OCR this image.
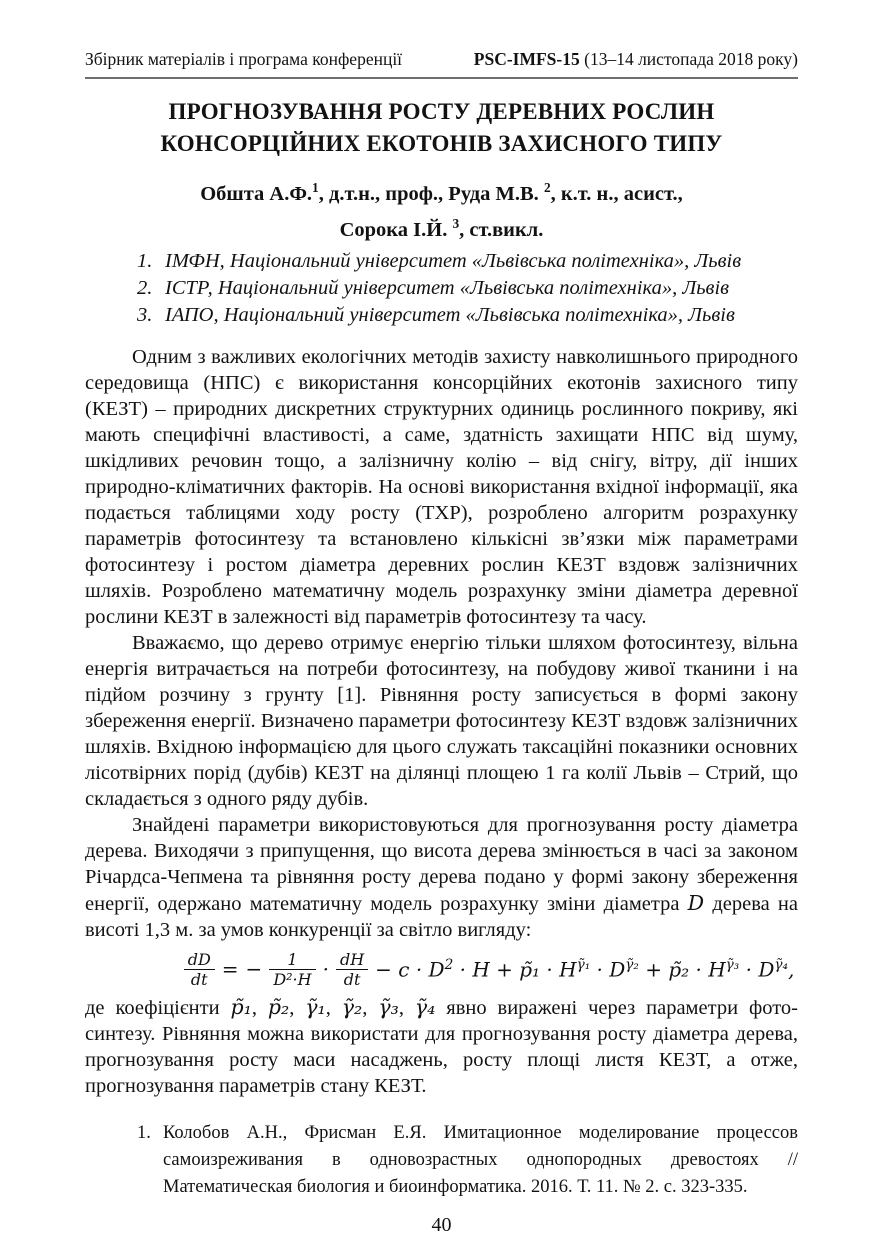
Збірник матеріалів і програма конференції	PSC-IMFS-15 (13–14 листопада 2018 року)
ПРОГНОЗУВАННЯ РОСТУ ДЕРЕВНИХ РОСЛИН
КОНСОРЦІЙНИХ ЕКОТОНІВ ЗАХИСНОГО ТИПУ
Обшта А.Ф.$^1$, д.т.н., проф., Руда М.В. $^2$, к.т. н., асист.,
Сорока І.Й. $^3$, ст.викл.
1. ІМФН, Національний університет «Львівська політехніка», Львів
2. ІСТР, Національний університет «Львівська політехніка», Львів
3. ІАПО, Національний університет «Львівська політехніка», Львів

Одним з важливих екологічних методів захисту навколишнього природного середовища (НПС) є використання консорційних екотонів захисного типу (КЕЗТ) – природних дискретних структурних одиниць рослинного покриву, які мають специфічні властивості, а саме, здатність захищати НПС від шуму, шкідливих речовин тощо, а залізничну колію – від снігу, вітру, дії інших природно-кліматичних факторів. На основі використання вхідної інформації, яка подається таблицями ходу росту (ТХР), розроблено алгоритм розрахунку параметрів фотосинтезу та встановлено кількісні зв’язки між параметрами фотосинтезу і ростом діаметра деревних рослин КЕЗТ вздовж залізничних шляхів. Розроблено математичну модель розрахунку зміни діаметра деревної рослини КЕЗТ в залежності від параметрів фотосинтезу та часу.

Вважаємо, що дерево отримує енергію тільки шляхом фотосинтезу, вільна енергія витрачається на потреби фотосинтезу, на побудову живої тканини і на підйом розчину з грунту [1]. Рівняння росту записується в формі закону збереження енергії. Визначено параметри фотосинтезу КЕЗТ вздовж залізничних шляхів. Вхідною інформацією для цього служать таксаційні показники основних лісотвірних порід (дубів) КЕЗТ на ділянці площею 1 га колії Львів – Стрий, що складається з одного ряду дубів.

Знайдені параметри використовуються для прогнозування росту діаметра дерева. Виходячи з припущення, що висота дерева змінюється в часі за законом Річардса-Чепмена та рівняння росту дерева подано у формі закону збереження енергії, одержано математичну модель розрахунку зміни діаметра D дерева на висоті 1,3 м. за умов конкуренції за світло вигляду:

$\frac{dD}{dt}$ = − $\frac{1}{\text{D²·H}} \cdot \frac{dH}{dt} - c \cdot D^2 \cdot H$ + p̃₁ · $H^{\gammã_1} \cdot D^{\gammã_2}$ + p̃₂ · $H^{\gammã_3} \cdot D^{\gammã_4}$,

де коефіцієнти p̃₁, p̃₂, γ̃₁, γ̃₂, γ̃₃, γ̃₄ явно виражені через параметри фото-синтезу. Рівняння можна використати для прогнозування росту діаметра дерева, прогнозування росту маси насаджень, росту площі листя КЕЗТ, а отже, прогнозування параметрів стану КЕЗТ.

1. Колобов А.Н., Фрисман Е.Я. Имитационное моделирование процессов самоизреживания в одновозрастных однопородных древостоях // Математическая биология и биоинформатика. 2016. Т. 11. № 2. с. 323-335.
40
